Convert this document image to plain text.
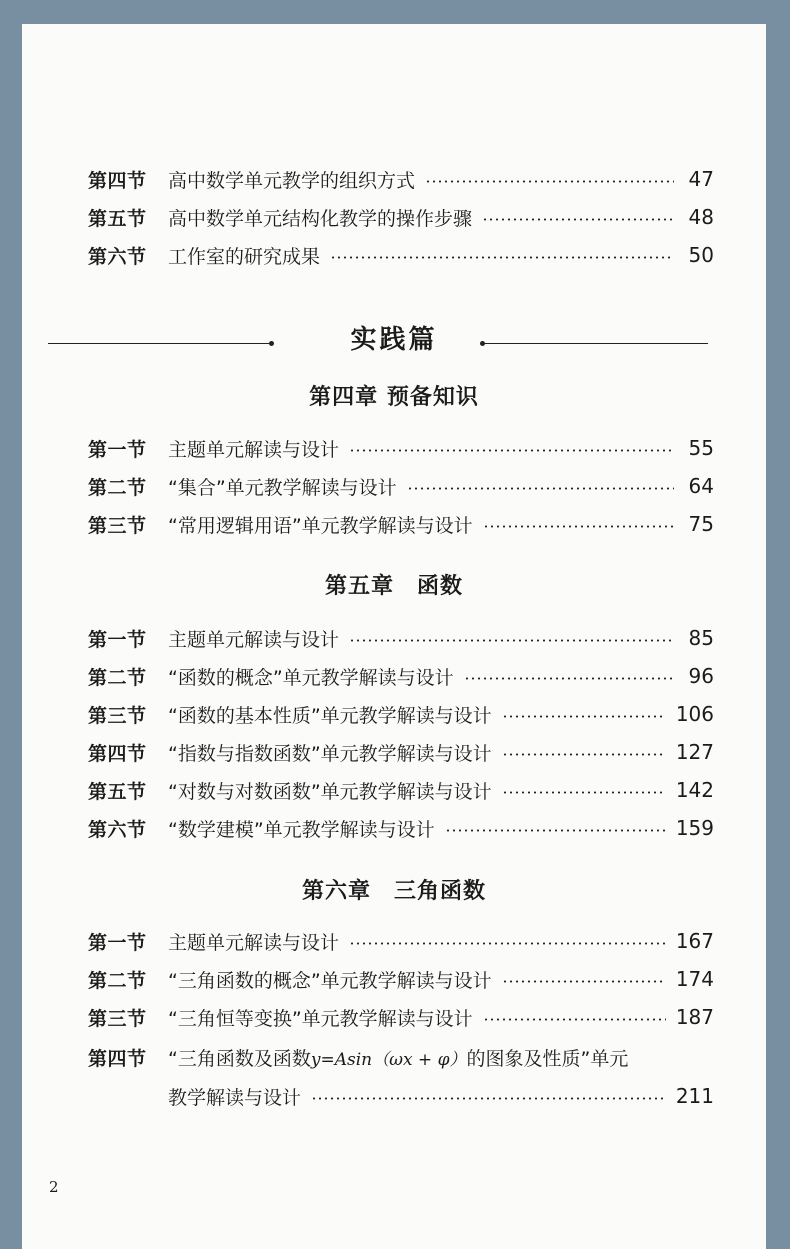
第四节	高中数学单元教学的组织方式	47
第五节	高中数学单元结构化教学的操作步骤	48
第六节	工作室的研究成果	50
实践篇
第四章 预备知识
第一节	主题单元解读与设计	55
第二节	“集合”单元教学解读与设计	64
第三节	“常用逻辑用语”单元教学解读与设计	75
第五章　函数
第一节	主题单元解读与设计	85
第二节	“函数的概念”单元教学解读与设计	96
第三节	“函数的基本性质”单元教学解读与设计	106
第四节	“指数与指数函数”单元教学解读与设计	127
第五节	“对数与对数函数”单元教学解读与设计	142
第六节	“数学建模”单元教学解读与设计	159
第六章　三角函数
第一节	主题单元解读与设计	167
第二节	“三角函数的概念”单元教学解读与设计	174
第三节	“三角恒等变换”单元教学解读与设计	187
第四节	“三角函数及函数y=Asin（ωx + φ）的图象及性质”单元
教学解读与设计	211
2
